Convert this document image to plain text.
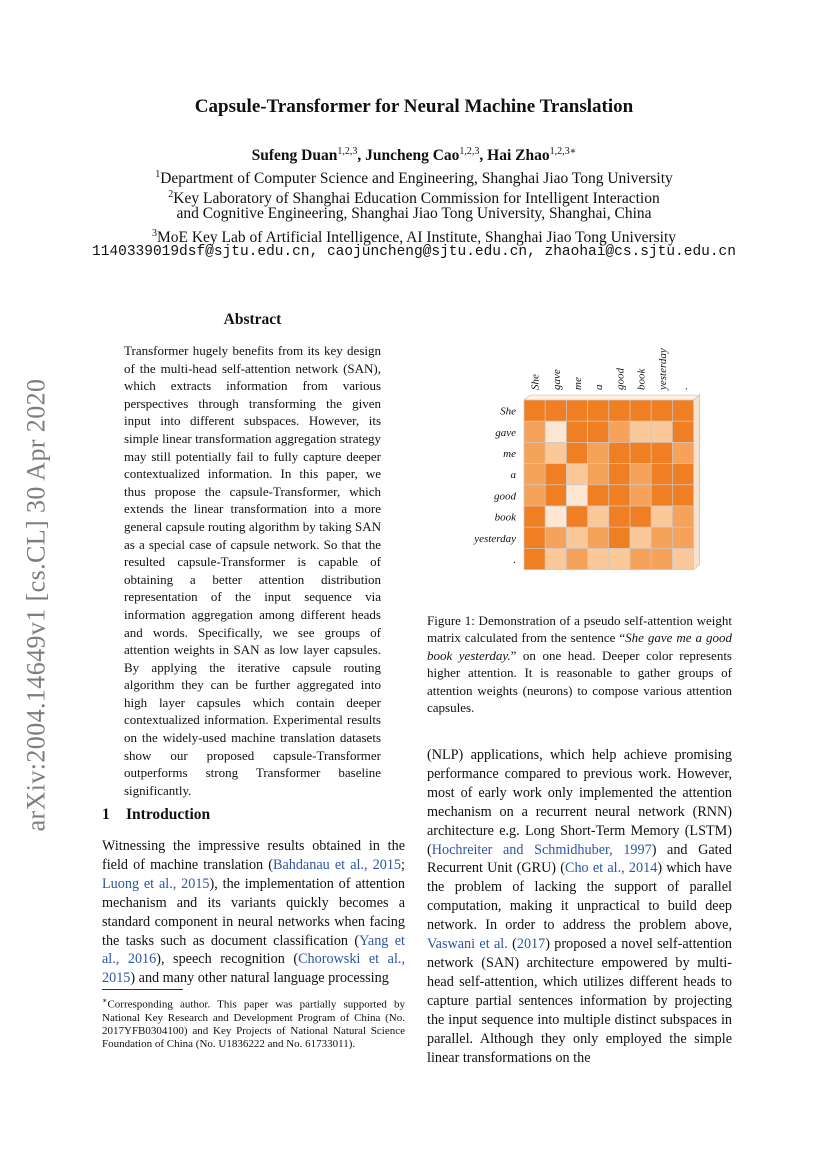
arXiv:2004.14649v1 [cs.CL] 30 Apr 2020
Capsule-Transformer for Neural Machine Translation
Sufeng Duan$^{1,2,3}$, Juncheng Cao$^{1,2,3}$, Hai Zhao$^{1,2,3∗}$
$^1$Department of Computer Science and Engineering, Shanghai Jiao Tong University
$^2$Key Laboratory of Shanghai Education Commission for Intelligent Interaction
and Cognitive Engineering, Shanghai Jiao Tong University, Shanghai, China
$^3$MoE Key Lab of Artificial Intelligence, AI Institute, Shanghai Jiao Tong University
1140339019dsf@sjtu.edu.cn, caojuncheng@sjtu.edu.cn, zhaohai@cs.sjtu.edu.cn
Abstract
Transformer hugely benefits from its key design of the multi-head self-attention network (SAN), which extracts information from various perspectives through transforming the given input into different subspaces. However, its simple linear transformation aggregation strategy may still potentially fail to fully capture deeper contextualized information. In this paper, we thus propose the capsule-Transformer, which extends the linear transformation into a more general capsule routing algorithm by taking SAN as a special case of capsule network. So that the resulted capsule-Transformer is capable of obtaining a better attention distribution representation of the input sequence via information aggregation among different heads and words. Specifically, we see groups of attention weights in SAN as low layer capsules. By applying the iterative capsule routing algorithm they can be further aggregated into high layer capsules which contain deeper contextualized information. Experimental results on the widely-used machine translation datasets show our proposed capsule-Transformer outperforms strong Transformer baseline significantly.
1 Introduction
Witnessing the impressive results obtained in the field of machine translation (Bahdanau et al., 2015; Luong et al., 2015), the implementation of attention mechanism and its variants quickly becomes a standard component in neural networks when facing the tasks such as document classification (Yang et al., 2016), speech recognition (Chorowski et al., 2015) and many other natural language processing
∗Corresponding author. This paper was partially supported by National Key Research and Development Program of China (No. 2017YFB0304100) and Key Projects of National Natural Science Foundation of China (No. U1836222 and No. 61733011).
She
gave
me
a
good
book
yesterday
.
She gave me a good book yesterday .
Figure 1: Demonstration of a pseudo self-attention weight matrix calculated from the sentence “She gave me a good book yesterday.” on one head. Deeper color represents higher attention. It is reasonable to gather groups of attention weights (neurons) to compose various attention capsules.
(NLP) applications, which help achieve promising performance compared to previous work. However, most of early work only implemented the attention mechanism on a recurrent neural network (RNN) architecture e.g. Long Short-Term Memory (LSTM) (Hochreiter and Schmidhuber, 1997) and Gated Recurrent Unit (GRU) (Cho et al., 2014) which have the problem of lacking the support of parallel computation, making it unpractical to build deep network. In order to address the problem above, Vaswani et al. (2017) proposed a novel self-attention network (SAN) architecture empowered by multi-head self-attention, which utilizes different heads to capture partial sentences information by projecting the input sequence into multiple distinct subspaces in parallel. Although they only employed the simple linear transformations on the
